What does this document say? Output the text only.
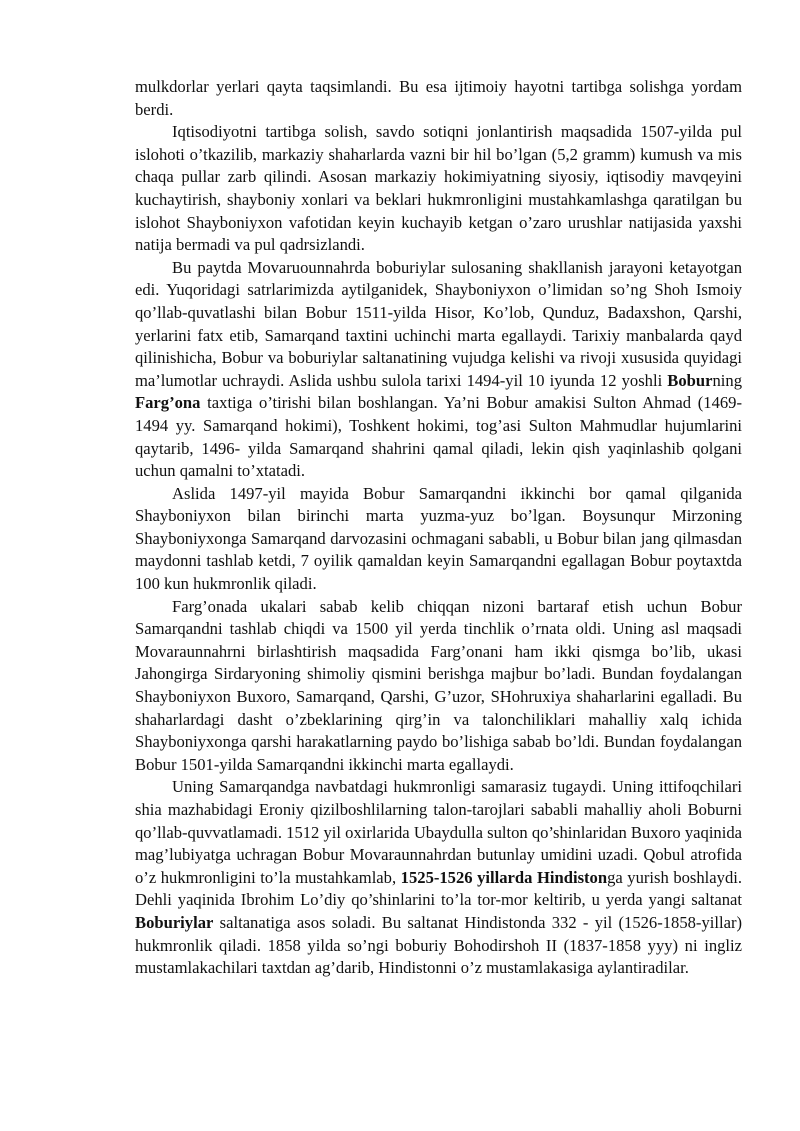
mulkdorlar yerlari qayta taqsimlandi. Bu esa ijtimoiy hayotni tartibga solishga yordam berdi.

Iqtisodiyotni tartibga solish, savdo sotiqni jonlantirish maqsadida 1507-yilda pul islohoti o’tkazilib, markaziy shaharlarda vazni bir hil bo’lgan (5,2 gramm) kumush va mis chaqa pullar zarb qilindi. Asosan markaziy hokimiyatning siyosiy, iqtisodiy mavqeyini kuchaytirish, shayboniy xonlari va beklari hukmronligini mustahkamlashga qaratilgan bu islohot Shayboniyxon vafotidan keyin kuchayib ketgan o’zaro urushlar natijasida yaxshi natija bermadi va pul qadrsizlandi.

Bu paytda Movaruounnahrda boburiylar sulosaning shakllanish jarayoni ketayotgan edi. Yuqoridagi satrlarimizda aytilganidek, Shayboniyxon o’limidan so’ng Shoh Ismoiy qo’llab-quvatlashi bilan Bobur 1511-yilda Hisor, Ko’lob, Qunduz, Badaxshon, Qarshi, yerlarini fatx etib, Samarqand taxtini uchinchi marta egallaydi. Tarixiy manbalarda qayd qilinishicha, Bobur va boburiylar saltanatining vujudga kelishi va rivoji xususida quyidagi ma’lumotlar uchraydi. Aslida ushbu sulola tarixi 1494-yil 10 iyunda 12 yoshli Boburning Farg’ona taxtiga o’tirishi bilan boshlangan. Ya’ni Bobur amakisi Sulton Ahmad (1469-1494 yy. Samarqand hokimi), Toshkent hokimi, tog’asi Sulton Mahmudlar hujumlarini qaytarib, 1496- yilda Samarqand shahrini qamal qiladi, lekin qish yaqinlashib qolgani uchun qamalni to’xtatadi.

Aslida 1497-yil mayida Bobur Samarqandni ikkinchi bor qamal qilganida Shayboniyxon bilan birinchi marta yuzma-yuz bo’lgan. Boysunqur Mirzoning Shayboniyxonga Samarqand darvozasini ochmagani sababli, u Bobur bilan jang qilmasdan maydonni tashlab ketdi, 7 oyilik qamaldan keyin Samarqandni egallagan Bobur poytaxtda 100 kun hukmronlik qiladi.

Farg’onada ukalari sabab kelib chiqqan nizoni bartaraf etish uchun Bobur Samarqandni tashlab chiqdi va 1500 yil yerda tinchlik o’rnata oldi. Uning asl maqsadi Movaraunnahrni birlashtirish maqsadida Farg’onani ham ikki qismga bo’lib, ukasi Jahongirga Sirdaryoning shimoliy qismini berishga majbur bo’ladi. Bundan foydalangan Shayboniyxon Buxoro, Samarqand, Qarshi, G’uzor, SHohruxiya shaharlarini egalladi. Bu shaharlardagi dasht o’zbeklarining qirg’in va talonchiliklari mahalliy xalq ichida Shayboniyxonga qarshi harakatlarning paydo bo’lishiga sabab bo’ldi. Bundan foydalangan Bobur 1501-yilda Samarqandni ikkinchi marta egallaydi.

Uning Samarqandga navbatdagi hukmronligi samarasiz tugaydi. Uning ittifoqchilari shia mazhabidagi Eroniy qizilboshlilarning talon-tarojlari sababli mahalliy aholi Boburni qo’llab-quvvatlamadi. 1512 yil oxirlarida Ubaydulla sulton qo’shinlaridan Buxoro yaqinida mag’lubiyatga uchragan Bobur Movaraunnahrdan butunlay umidini uzadi. Qobul atrofida o’z hukmronligini to’la mustahkamlab, 1525-1526 yillarda Hindistonga yurish boshlaydi. Dehli yaqinida Ibrohim Lo’diy qo’shinlarini to’la tor-mor keltirib, u yerda yangi saltanat Boburiylar saltanatiga asos soladi. Bu saltanat Hindistonda 332 - yil (1526-1858-yillar) hukmronlik qiladi. 1858 yilda so’ngi boburiy Bohodirshoh II (1837-1858 yyy) ni ingliz mustamlakachilari taxtdan ag’darib, Hindistonni o’z mustamlakasiga aylantiradilar.
